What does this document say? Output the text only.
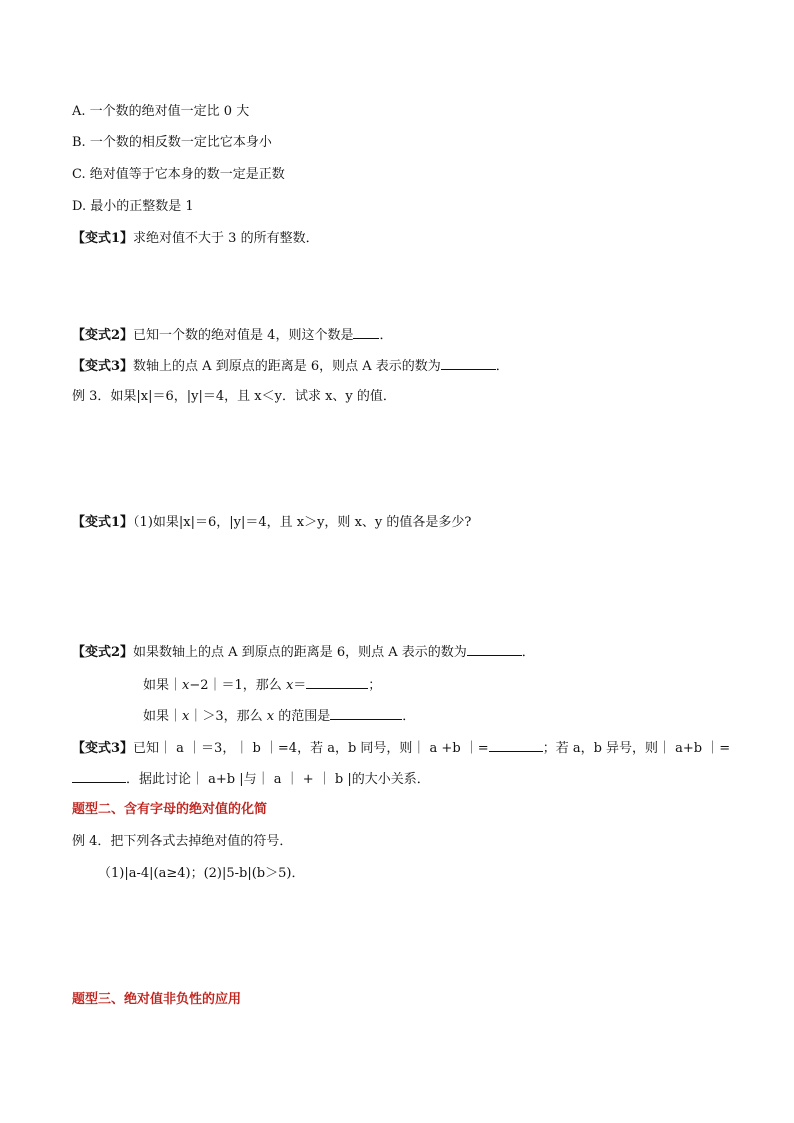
A. 一个数的绝对值一定比 0 大
B. 一个数的相反数一定比它本身小
C. 绝对值等于它本身的数一定是正数
D. 最小的正整数是 1
【变式1】求绝对值不大于 3 的所有整数．
【变式2】已知一个数的绝对值是 4，则这个数是 ．
【变式3】数轴上的点 A 到原点的距离是 6，则点 A 表示的数为	．
例 3．如果|x|＝6，|y|＝4，且 x＜y．试求 x、y 的值．
【变式1】（1)如果|x|＝6，|y|＝4，且 x＞y，则 x、y 的值各是多少?
【变式2】如果数轴上的点 A 到原点的距离是 6，则点 A 表示的数为	．
如果｜x−2｜＝1，那么 x＝	；
如果｜x｜＞3，那么 x 的范围是	．
【变式3】已知｜ a ｜＝3，｜ b ｜=4，若 a，b 同号，则｜ a +b ｜=	；若 a，b 异号，则｜ a+b ｜=
．据此讨论｜ a+b |与｜ a ｜ + ｜ b |的大小关系．
题型二、含有字母的绝对值的化简
例 4．把下列各式去掉绝对值的符号．
（1)|a-4|(a≥4)；(2)|5-b|(b＞5)．
题型三、绝对值非负性的应用
